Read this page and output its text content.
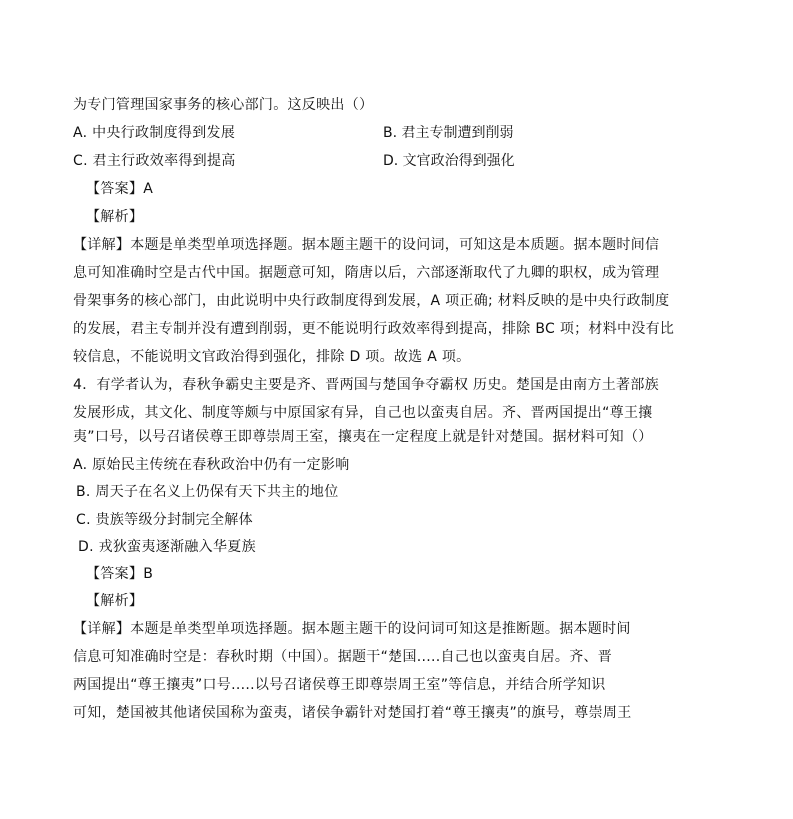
为专门管理国家事务的核心部门。这反映出（）
A. 中央行政制度得到发展	B. 君主专制遭到削弱
C. 君主行政效率得到提高	D. 文官政治得到强化
【答案】A
【解析】
【详解】本题是单类型单项选择题。据本题主题干的设问词，可知这是本质题。据本题时间信
息可知准确时空是古代中国。据题意可知，隋唐以后，六部逐渐取代了九卿的职权，成为管理
骨架事务的核心部门，由此说明中央行政制度得到发展，A 项正确; 材料反映的是中央行政制度
的发展，君主专制并没有遭到削弱，更不能说明行政效率得到提高，排除 BC 项；材料中没有比
较信息，不能说明文官政治得到强化，排除 D 项。故选 A 项。
4．有学者认为，春秋争霸史主要是齐、晋两国与楚国争夺霸权 历史。楚国是由南方土著部族
发展形成，其文化、制度等颇与中原国家有异，自己也以蛮夷自居。齐、晋两国提出“尊王攘
夷”口号，以号召诸侯尊王即尊崇周王室，攘夷在一定程度上就是针对楚国。据材料可知（）
A. 原始民主传统在春秋政治中仍有一定影响
B. 周天子在名义上仍保有天下共主的地位
C. 贵族等级分封制完全解体
D. 戎狄蛮夷逐渐融入华夏族
【答案】B
【解析】
【详解】本题是单类型单项选择题。据本题主题干的设问词可知这是推断题。据本题时间
信息可知准确时空是：春秋时期（中国）。据题干“楚国.....自己也以蛮夷自居。齐、晋
两国提出“尊王攘夷”口号.....以号召诸侯尊王即尊崇周王室”等信息，并结合所学知识
可知，楚国被其他诸侯国称为蛮夷，诸侯争霸针对楚国打着“尊王攘夷”的旗号，尊崇周王
